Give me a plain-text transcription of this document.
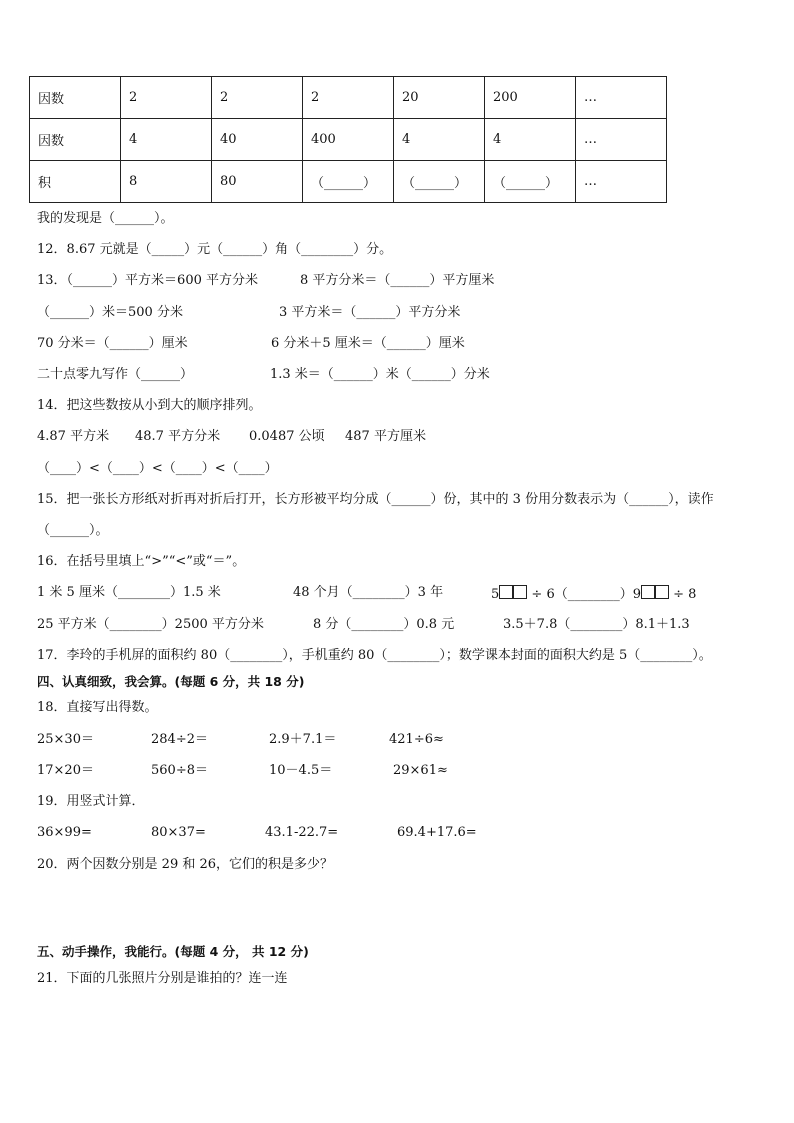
因数	2	2	2	20	200	…
因数	4	40	400	4	4	…
积	8	80	（______）	（______）	（______）	…
我的发现是（______）。
12．8.67 元就是（_____）元（______）角（________）分。
13．（______）平方米＝600 平方分米	8 平方分米＝（______）平方厘米
（______）米＝500 分米	3 平方米＝（______）平方分米
70 分米＝（______）厘米	6 分米＋5 厘米＝（______）厘米
二十点零九写作（______）	1.3 米＝（______）米（______）分米
14．把这些数按从小到大的顺序排列。
4.87 平方米 48.7 平方分米 0.0487 公顷 487 平方厘米
（____）<（____）<（____）<（____）
15．把一张长方形纸对折再对折后打开，长方形被平均分成（______）份，其中的 3 份用分数表示为（______），读作
（______）。
16．在括号里填上“>”“<”或“＝”。
1 米 5 厘米（________）1.5 米	48 个月（________）3 年	5 ÷ 6（________）9 ÷ 8
25 平方米（________）2500 平方分米	8 分（________）0.8 元	3.5＋7.8（________）8.1＋1.3
17．李玲的手机屏的面积约 80（________），手机重约 80（________）；数学课本封面的面积大约是 5（________）。
四、认真细致，我会算。(每题 6 分，共 18 分)
18．直接写出得数。
25×30＝	284÷2＝	2.9＋7.1＝	421÷6≈
17×20＝	560÷8＝	10－4.5＝	29×61≈
19．用竖式计算．
36×99=	80×37=	43.1-22.7=	69.4+17.6=
20．两个因数分别是 29 和 26，它们的积是多少？
五、动手操作，我能行。(每题 4 分， 共 12 分)
21．下面的几张照片分别是谁拍的？连一连
